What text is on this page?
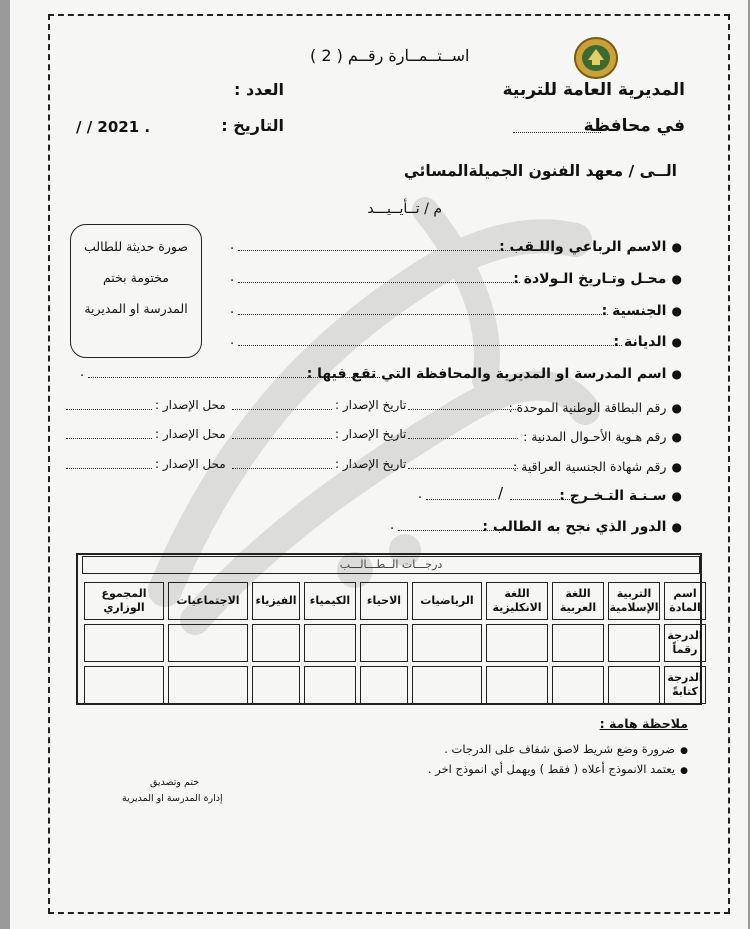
اســتــمــارة رقــم ( 2 )
المديرية العامة للتربية
العدد :
في محافظة
التاريخ :
/ / 2021 .
الــى / معهد الفنون الجميلةالمسائي
م / تــأيــيـــد
صورة حديثة للطالب
مختومة بختم
المدرسة او المديرية
الاسم الرباعي واللـقب : ●
.
محـل وتـاريخ الـولادة : ●
.
الجنسية : ●
.
الديانة : ●
.
اسم المدرسة او المديرية والمحافظة التي تقع فيها : ●
.
رقم البطاقة الوطنية الموحدة : ●
تاريخ الإصدار :
محل الإصدار :
رقم هـوية الأحـوال المدنية : ●
تاريخ الإصدار :
محل الإصدار :
رقم شهادة الجنسية العراقية : ●
تاريخ الإصدار :
محل الإصدار :
سـنـة التـخـرج : ●
/
.
الدور الذي نجح به الطالب : ●
.
درجـــات الــطـــالـــب
اسم المادة	التربية الإسلامية	اللغة العربية	اللغة الانكليزية	الرياضيات	الاحياء	الكيمياء	الفيزياء	الاجتماعيات	المجموع الوزاري
الدرجة رقماً									
الدرجة كتابةً									
ملاحظة هامة :
ضرورة وضع شريط لاصق شفاف على الدرجات . ●
يعتمد الانموذج أعلاه ( فقط ) ويهمل أي انموذج اخر . ●
ختم وتصديق
إدارة المدرسة او المديرية
